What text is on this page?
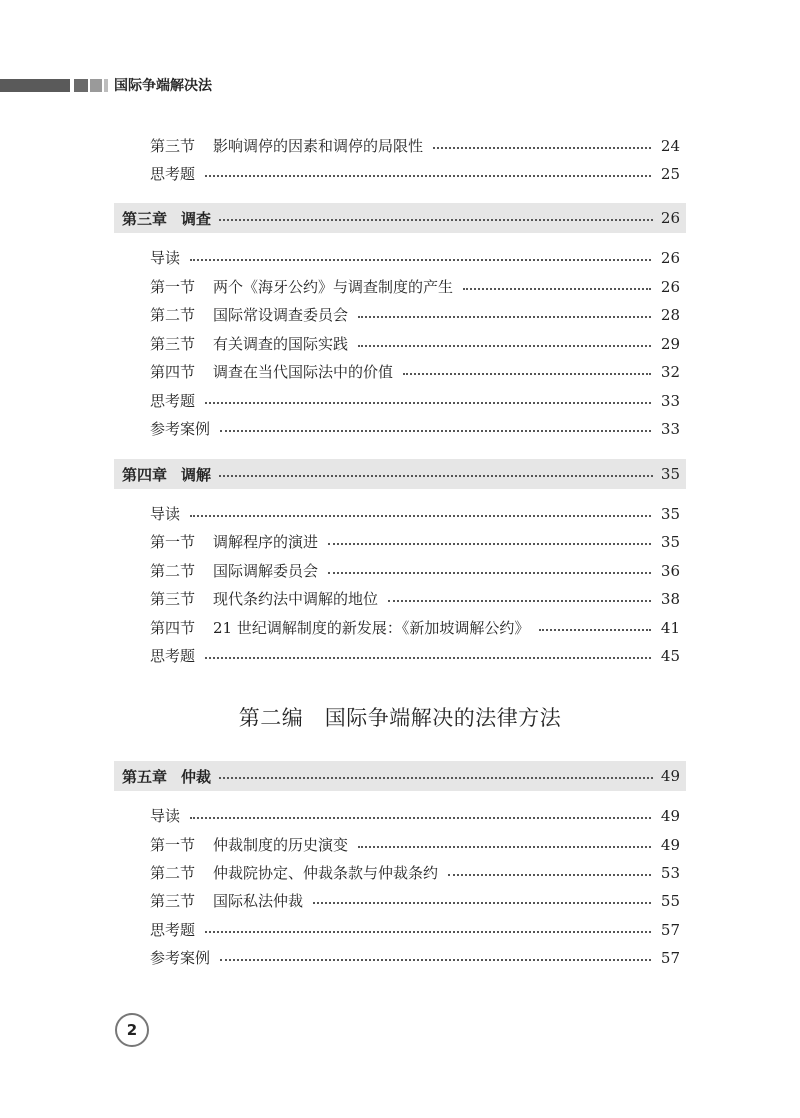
国际争端解决法
第三节 影响调停的因素和调停的局限性	24
思考题	25
第三章 调查	26
导读	26
第一节 两个《海牙公约》与调查制度的产生	26
第二节 国际常设调查委员会	28
第三节 有关调查的国际实践	29
第四节 调查在当代国际法中的价值	32
思考题	33
参考案例	33
第四章 调解	35
导读	35
第一节 调解程序的演进	35
第二节 国际调解委员会	36
第三节 现代条约法中调解的地位	38
第四节 21 世纪调解制度的新发展：《新加坡调解公约》	41
思考题	45
第二编　国际争端解决的法律方法
第五章 仲裁	49
导读	49
第一节 仲裁制度的历史演变	49
第二节 仲裁院协定、仲裁条款与仲裁条约	53
第三节 国际私法仲裁	55
思考题	57
参考案例	57
2
